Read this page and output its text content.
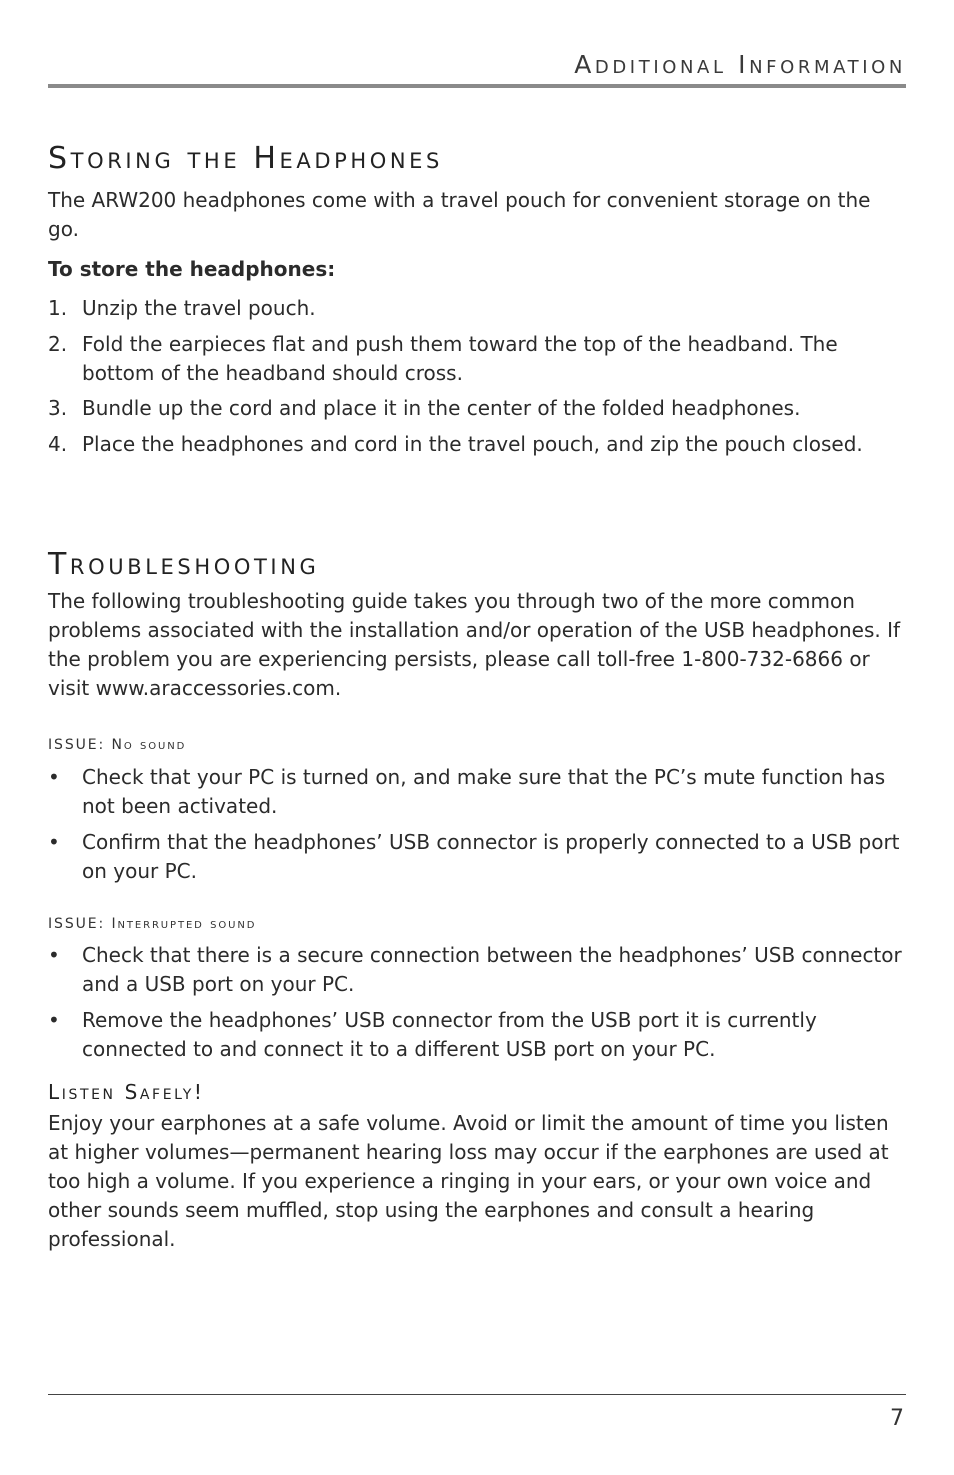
Additional Information
Storing the Headphones

The ARW200 headphones come with a travel pouch for convenient storage on the go.

To store the headphones:

1. Unzip the travel pouch.
2. Fold the earpieces flat and push them toward the top of the headband. The bottom of the headband should cross.
3. Bundle up the cord and place it in the center of the folded headphones.
4. Place the headphones and cord in the travel pouch, and zip the pouch closed.
Troubleshooting

The following troubleshooting guide takes you through two of the more common problems associated with the installation and/or operation of the USB headphones. If the problem you are experiencing persists, please call toll-free 1-800-732-6866 or visit www.araccessories.com.

ISSUE: No sound
• Check that your PC is turned on, and make sure that the PC’s mute function has not been activated.
• Confirm that the headphones’ USB connector is properly connected to a USB port on your PC.
ISSUE: Interrupted sound
• Check that there is a secure connection between the headphones’ USB connector and a USB port on your PC.
• Remove the headphones’ USB connector from the USB port it is currently connected to and connect it to a different USB port on your PC.
Listen Safely!

Enjoy your earphones at a safe volume. Avoid or limit the amount of time you listen at higher volumes—permanent hearing loss may occur if the earphones are used at too high a volume. If you experience a ringing in your ears, or your own voice and other sounds seem muffled, stop using the earphones and consult a hearing professional.

7
